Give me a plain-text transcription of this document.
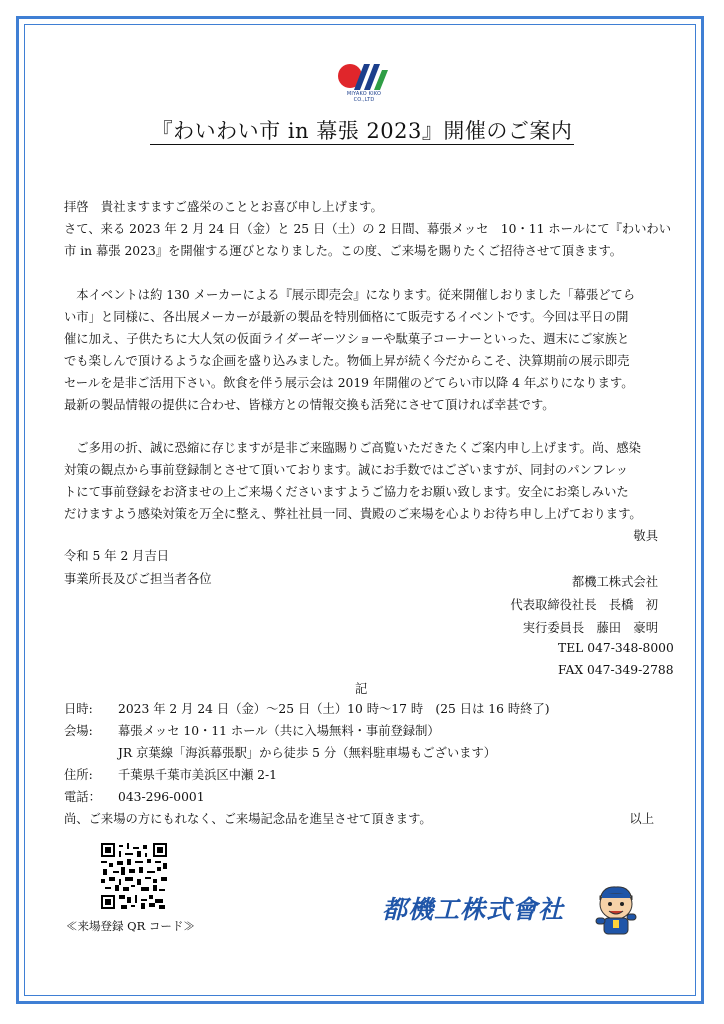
MIYAKO KIKO CO.,LTD
『わいわい市 in 幕張 2023』開催のご案内
拝啓　貴社ますますご盛栄のこととお喜び申し上げます。
さて、来る 2023 年 2 月 24 日（金）と 25 日（土）の 2 日間、幕張メッセ　10・11 ホールにて『わいわい
市 in 幕張 2023』を開催する運びとなりました。この度、ご来場を賜りたくご招待させて頂きます。
　本イベントは約 130 メーカーによる『展示即売会』になります。従来開催しおりました「幕張どてら
い市」と同様に、各出展メーカーが最新の製品を特別価格にて販売するイベントです。今回は平日の開
催に加え、子供たちに大人気の仮面ライダーギーツショーや駄菓子コーナーといった、週末にご家族と
でも楽しんで頂けるような企画を盛り込みました。物価上昇が続く今だからこそ、決算期前の展示即売
セールを是非ご活用下さい。飲食を伴う展示会は 2019 年開催のどてらい市以降 4 年ぶりになります。
最新の製品情報の提供に合わせ、皆様方との情報交換も活発にさせて頂ければ幸甚です。
　ご多用の折、誠に恐縮に存じますが是非ご来臨賜りご高覧いただきたくご案内申し上げます。尚、感染
対策の観点から事前登録制とさせて頂いております。誠にお手数ではございますが、同封のパンフレッ
トにて事前登録をお済ませの上ご来場くださいますようご協力をお願い致します。安全にお楽しみいた
だけますよう感染対策を万全に整え、弊社社員一同、貴殿のご来場を心よりお待ち申し上げております。
敬具
令和 5 年 2 月吉日
事業所長及びご担当者各位	都機工株式会社
代表取締役社長　長橋　初
実行委員長　藤田　豪明
TEL 047-348-8000
FAX 047-349-2788
記
日時: 2023 年 2 月 24 日（金）〜25 日（土）10 時〜17 時　(25 日は 16 時終了)
会場: 幕張メッセ 10・11 ホール（共に入場無料・事前登録制）
JR 京葉線「海浜幕張駅」から徒歩 5 分（無料駐車場もございます）
住所: 千葉県千葉市美浜区中瀬 2-1
電話： 043-296-0001
尚、ご来場の方にもれなく、ご来場記念品を進呈させて頂きます。	以上
≪来場登録 QR コード≫
都機工株式會社
